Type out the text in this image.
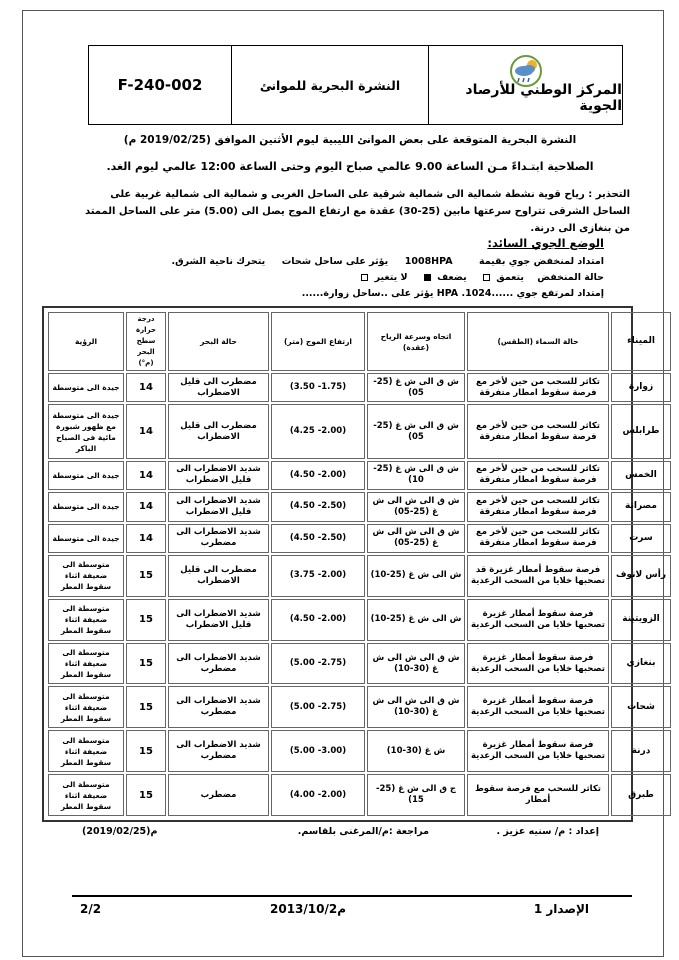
F-240-002	النشرة البحرية للموانئ	المركز الوطني للأرصاد الجوية
النشرة البحرية المتوقعة على بعض الموانئ الليبية ليوم الأثنين الموافق (2019/02/25 م)
الصلاحية ابتـداءً مـن الساعة 9.00 عالمي صباح اليوم وحتى الساعة 12:00 عالمي ليوم الغد.
التحذير : رياح قوية نشطة شمالية الى شمالية شرقية على الساحل الغربى و شمالية الى شمالية غربية على الساحل الشرقى تتراوح سرعتها مابين (25-30) عقدة مع ارتفاع الموج يصل الى (5.00) متر على الساحل الممتد من بنغازى الى درنة.
الوضع الجوي السائد:
امتداد لمنخفض جوي بقيمة        1008HPA     يؤثر على ساحل شحات     يتحرك ناحية الشرق.
حالة المنخفض    يتعمق     يضعف     لا يتغير
إمتداد لمرتفع جوي ......1024. HPA يؤثر على ..ساحل زوارة......
الميناء	حالة السماء (الطقس)	اتجاه وسرعة الرياح (عقدة)	ارتفاع الموج (متر)	حالة البحر	درجة حرارة سطح البحر (م°)	الرؤية
زوارة	تكاثر للسحب من حين لأخر مع فرصة سقوط امطار متفرقة	ش ق الى ش غ (25-05)	(1.75- 3.50)	مضطرب الى قليل الاضطراب	14	جيدة الى متوسطة
طرابلس	تكاثر للسحب من حين لأخر مع فرصة سقوط امطار متفرقة	ش ق الى ش غ (25-05)	(2.00- 4.25)	مضطرب الى قليل الاضطراب	14	جيدة الى متوسطة مع ظهور شبورة مائية فى الصباح الباكر
الخمس	تكاثر للسحب من حين لأخر مع فرصة سقوط امطار متفرقة	ش ق الى ش غ (25-10)	(2.00- 4.50)	شديد الاضطراب الى قليل الاضطراب	14	جيدة الى متوسطة
مصراتة	تكاثر للسحب من حين لأخر مع فرصة سقوط امطار متفرقة	ش ق الى ش الى ش غ (25-05)	(2.50- 4.50)	شديد الاضطراب الى قليل الاضطراب	14	جيدة الى متوسطة
سرت	تكاثر للسحب من حين لأخر مع فرصة سقوط امطار متفرقة	ش ق الى ش الى ش غ (25-05)	(2.50- 4.50)	شديد الاضطراب الى مضطرب	14	جيدة الى متوسطة
رأس لانوف	فرصة سقوط أمطار غزيرة قد تصحبها خلايا من السحب الرعدية	ش الى ش غ (25-10)	(2.00- 3.75)	مضطرب الى قليل الاضطراب	15	متوسطة الى ضعيفة اثناء سقوط المطر
الزويتينة	فرصة سقوط أمطار غزيرة تصحبها خلايا من السحب الرعدية	ش الى ش غ (25-10)	(2.00- 4.50)	شديد الاضطراب الى قليل الاضطراب	15	متوسطة الى ضعيفة اثناء سقوط المطر
بنغازي	فرصة سقوط أمطار غزيرة تصحبها خلايا من السحب الرعدية	ش ق الى ش الى ش غ (30-10)	(2.75- 5.00)	شديد الاضطراب الى مضطرب	15	متوسطة الى ضعيفة اثناء سقوط المطر
شحات	فرصة سقوط أمطار غزيرة تصحبها خلايا من السحب الرعدية	ش ق الى ش الى ش غ (30-10)	(2.75- 5.00)	شديد الاضطراب الى مضطرب	15	متوسطة الى ضعيفة اثناء سقوط المطر
درنة	فرصة سقوط أمطار غزيرة تصحبها خلايا من السحب الرعدية	ش غ (30-10)	(3.00- 5.00)	شديد الاضطراب الى مضطرب	15	متوسطة الى ضعيفة اثناء سقوط المطر
طبرق	تكاثر للسحب مع فرصة سقوط أمطار	ج ق الى ش غ (25-15)	(2.00- 4.00)	مضطرب	15	متوسطة الى ضعيفة اثناء سقوط المطر
إعداد : م/ سنيه عزيز .
مراجعة :م/المرغنى بلقاسم.
(2019/02/25)م
الإصدار 1
2013/10/2م
2/2
